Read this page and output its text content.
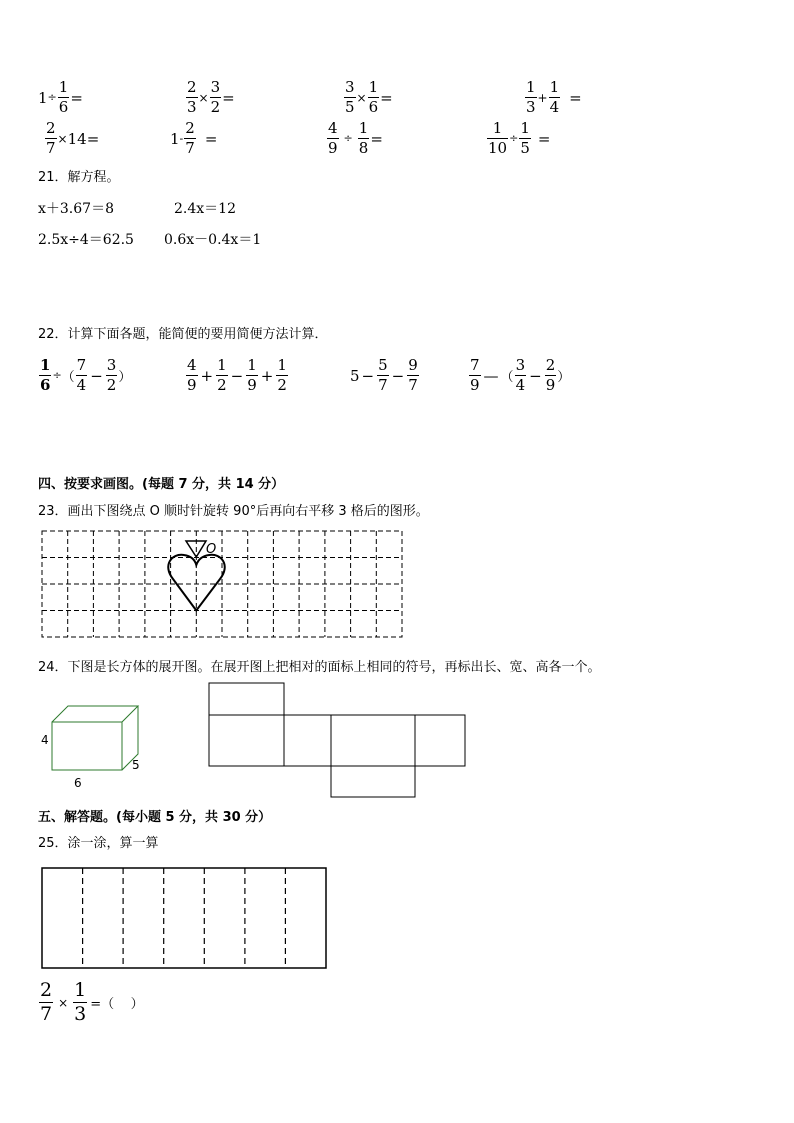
$1 \div \frac{1}{6}$ =	$\frac{2}{3} \times \frac{3}{2}$ =	$\frac{3}{5} \times \frac{1}{6}$ =	$\frac{1}{3} + \frac{1}{4}$ =
$\frac{2}{7} \times 14$ =	$1 - \frac{2}{7}$ =	$\frac{4}{9} \div \frac{1}{8}$ =	$\frac{1}{10} \div \frac{1}{5}$ =
21．解方程。
x＋3.67＝8	2.4x＝12
2.5x÷4＝62.5 0.6x－0.4x＝1
22．计算下面各题，能简便的要用简便方法计算．
$\frac{1}{6}$ ÷ （ $\frac{7}{4} - \frac{3}{2}$ ）	$\frac{4}{9} + \frac{1}{2} - \frac{1}{9} + \frac{1}{2}$	$5 - \frac{5}{7} - \frac{9}{7}$	$\frac{7}{9}$ — （ $\frac{3}{4} - \frac{2}{9}$ ）
四、按要求画图。(每题 7 分，共 14 分）
23．画出下图绕点 O 顺时针旋转 90°后再向右平移 3 格后的图形。
O
24．下图是长方体的展开图。在展开图上把相对的面标上相同的符号，再标出长、宽、高各一个。
4
6
5
五、解答题。(每小题 5 分，共 30 分）
25．涂一涂，算一算
$\frac{2}{7} \times \frac{1}{3}$ =（    ）
